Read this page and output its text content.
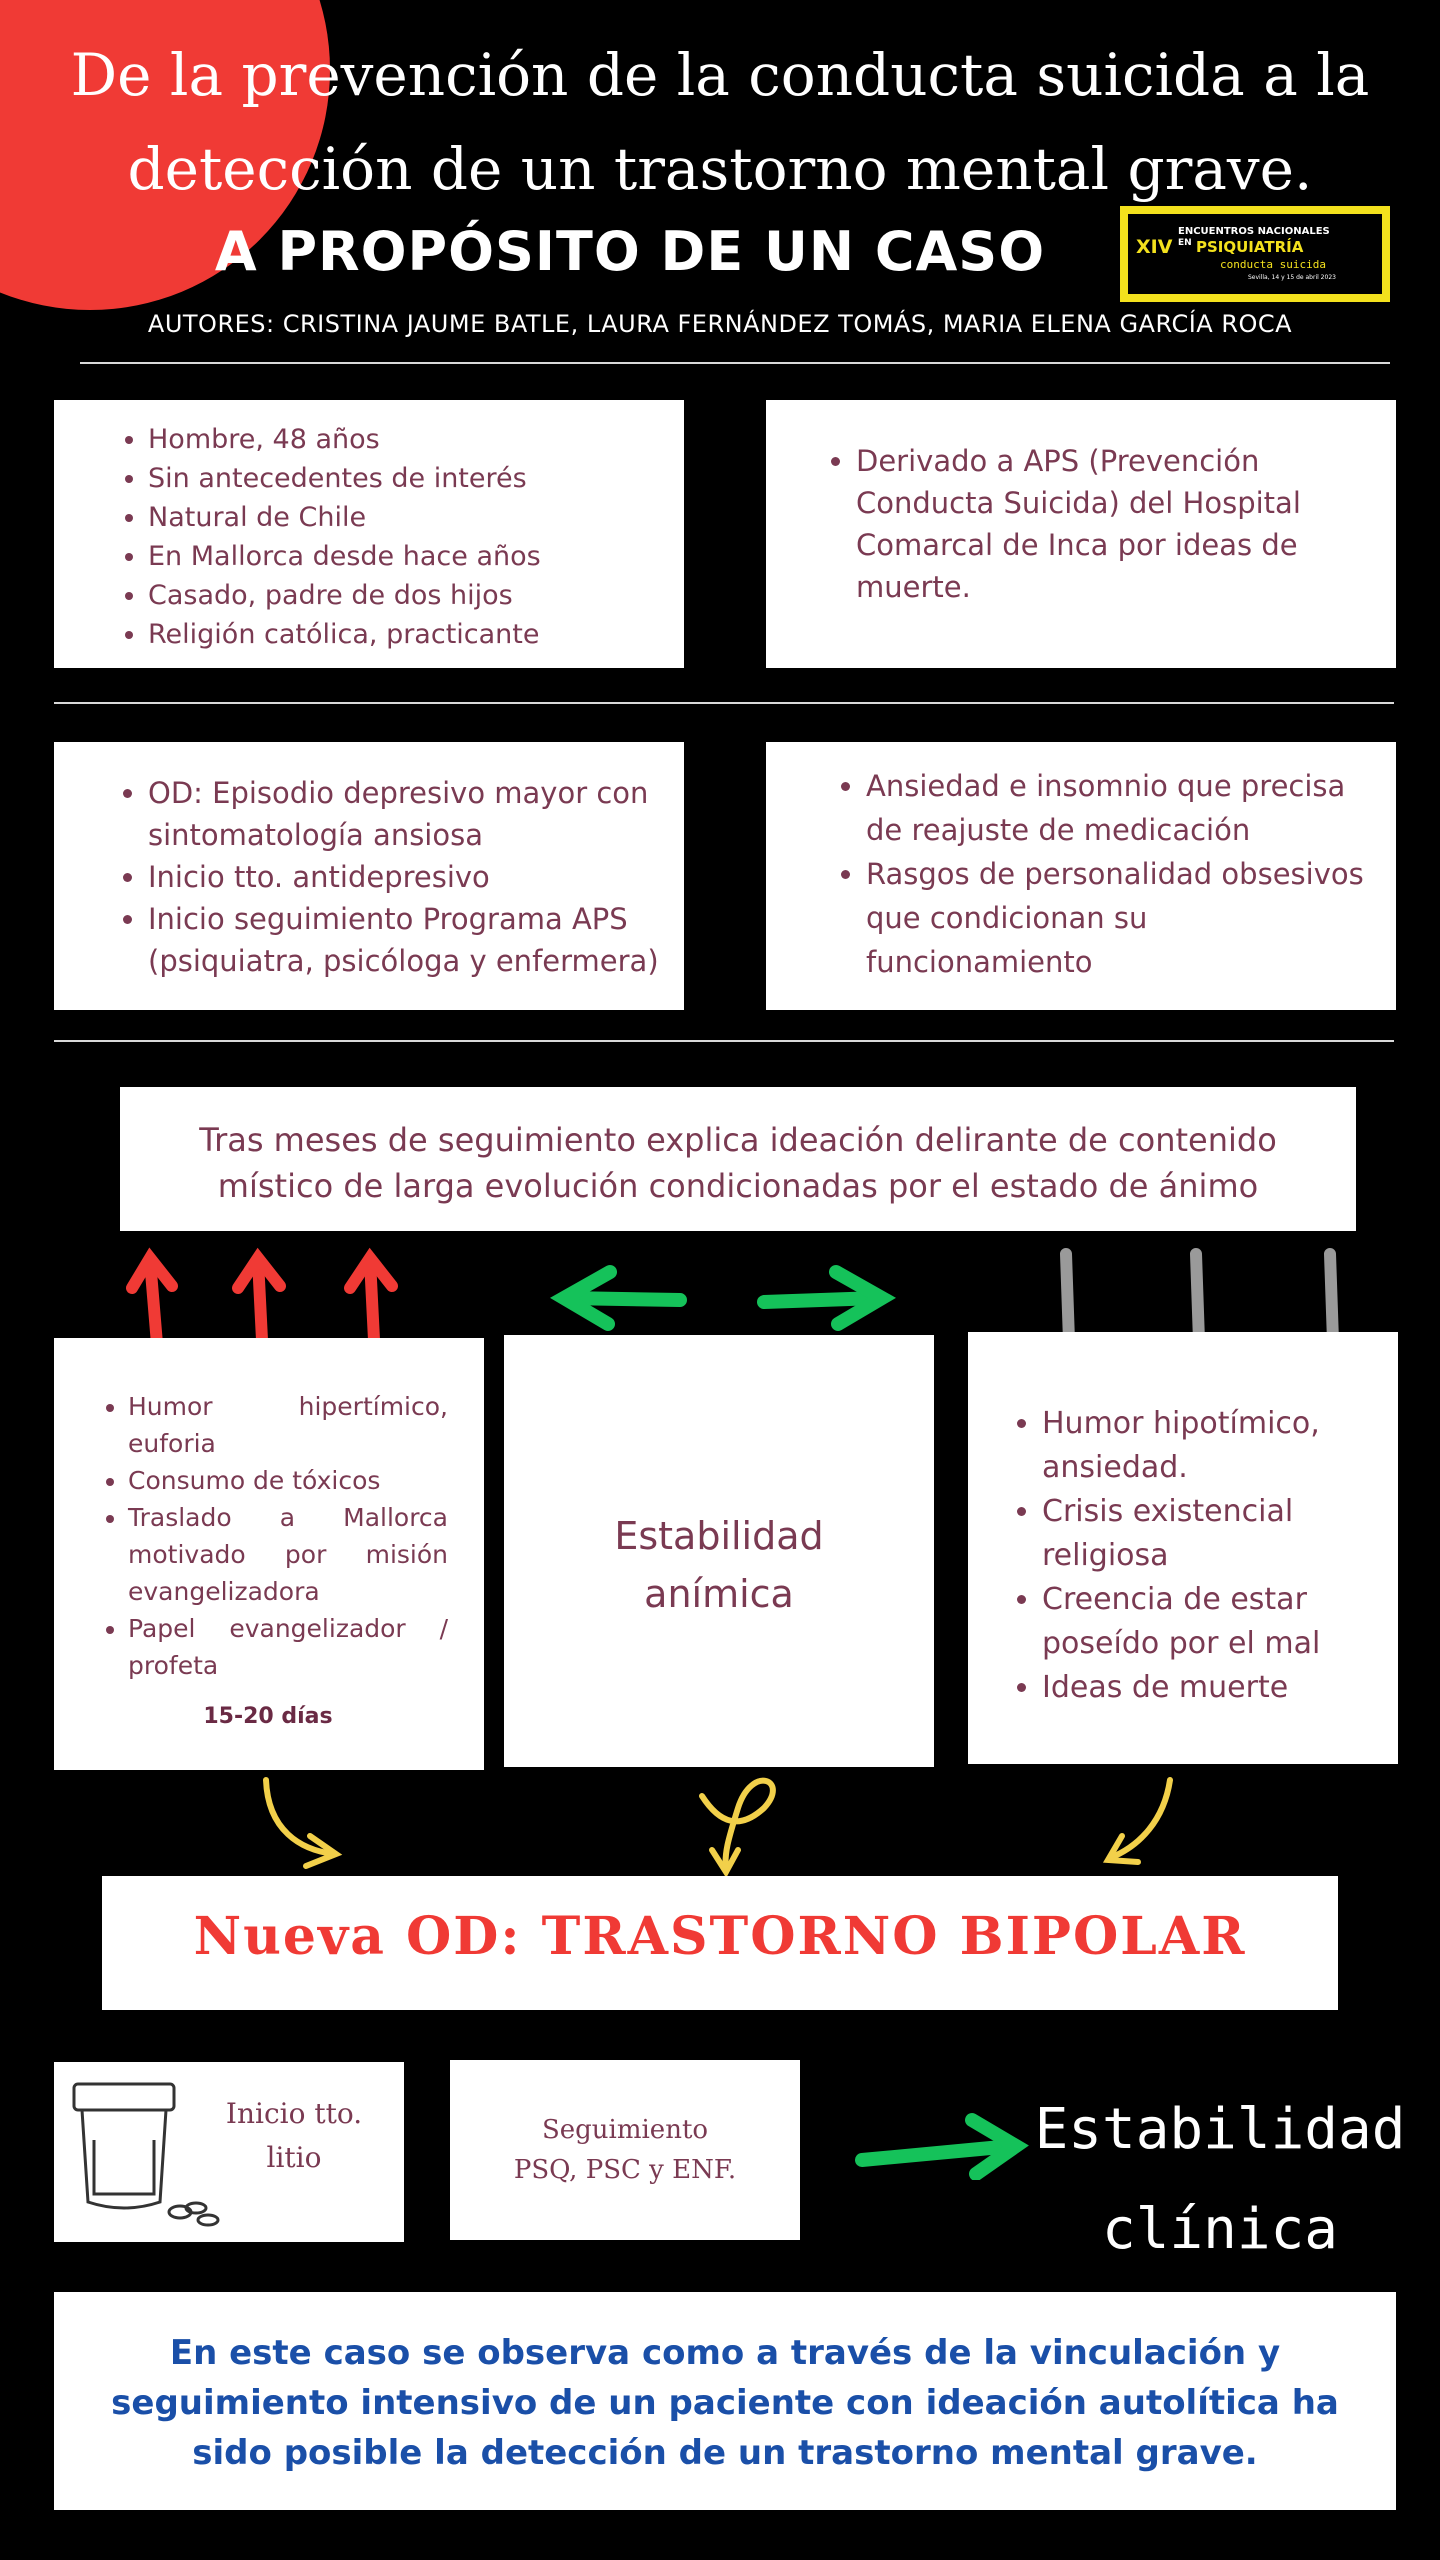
De la prevención de la conducta suicida a la
detección de un trastorno mental grave.
A PROPÓSITO DE UN CASO	XIV
ENCUENTROS NACIONALES
EN PSIQUIATRÍA
conducta suicida
Sevilla, 14 y 15 de abril 2023
AUTORES: CRISTINA JAUME BATLE, LAURA FERNÁNDEZ TOMÁS, MARIA ELENA GARCÍA ROCA
• Hombre, 48 años
• Sin antecedentes de interés
• Natural de Chile
• En Mallorca desde hace años
• Casado, padre de dos hijos
• Religión católica, practicante
• Derivado a APS (Prevención Conducta Suicida) del Hospital Comarcal de Inca por ideas de muerte.
• OD: Episodio depresivo mayor con sintomatología ansiosa
• Inicio tto. antidepresivo
• Inicio seguimiento Programa APS (psiquiatra, psicóloga y enfermera)
• Ansiedad e insomnio que precisa de reajuste de medicación
• Rasgos de personalidad obsesivos que condicionan su funcionamiento
Tras meses de seguimiento explica ideación delirante de contenido místico de larga evolución condicionadas por el estado de ánimo
• Humor hipertímico, euforia
• Consumo de tóxicos
• Traslado a Mallorca motivado por misión evangelizadora
• Papel evangelizador / profeta
15-20 días
Estabilidad
anímica
• Humor hipotímico, ansiedad.
• Crisis existencial religiosa
• Creencia de estar poseído por el mal
• Ideas de muerte
Nueva OD: TRASTORNO BIPOLAR
Inicio tto.
litio
Seguimiento
PSQ, PSC y ENF.
Estabilidad
clínica
En este caso se observa como a través de la vinculación y seguimiento intensivo de un paciente con ideación autolítica ha sido posible la detección de un trastorno mental grave.
